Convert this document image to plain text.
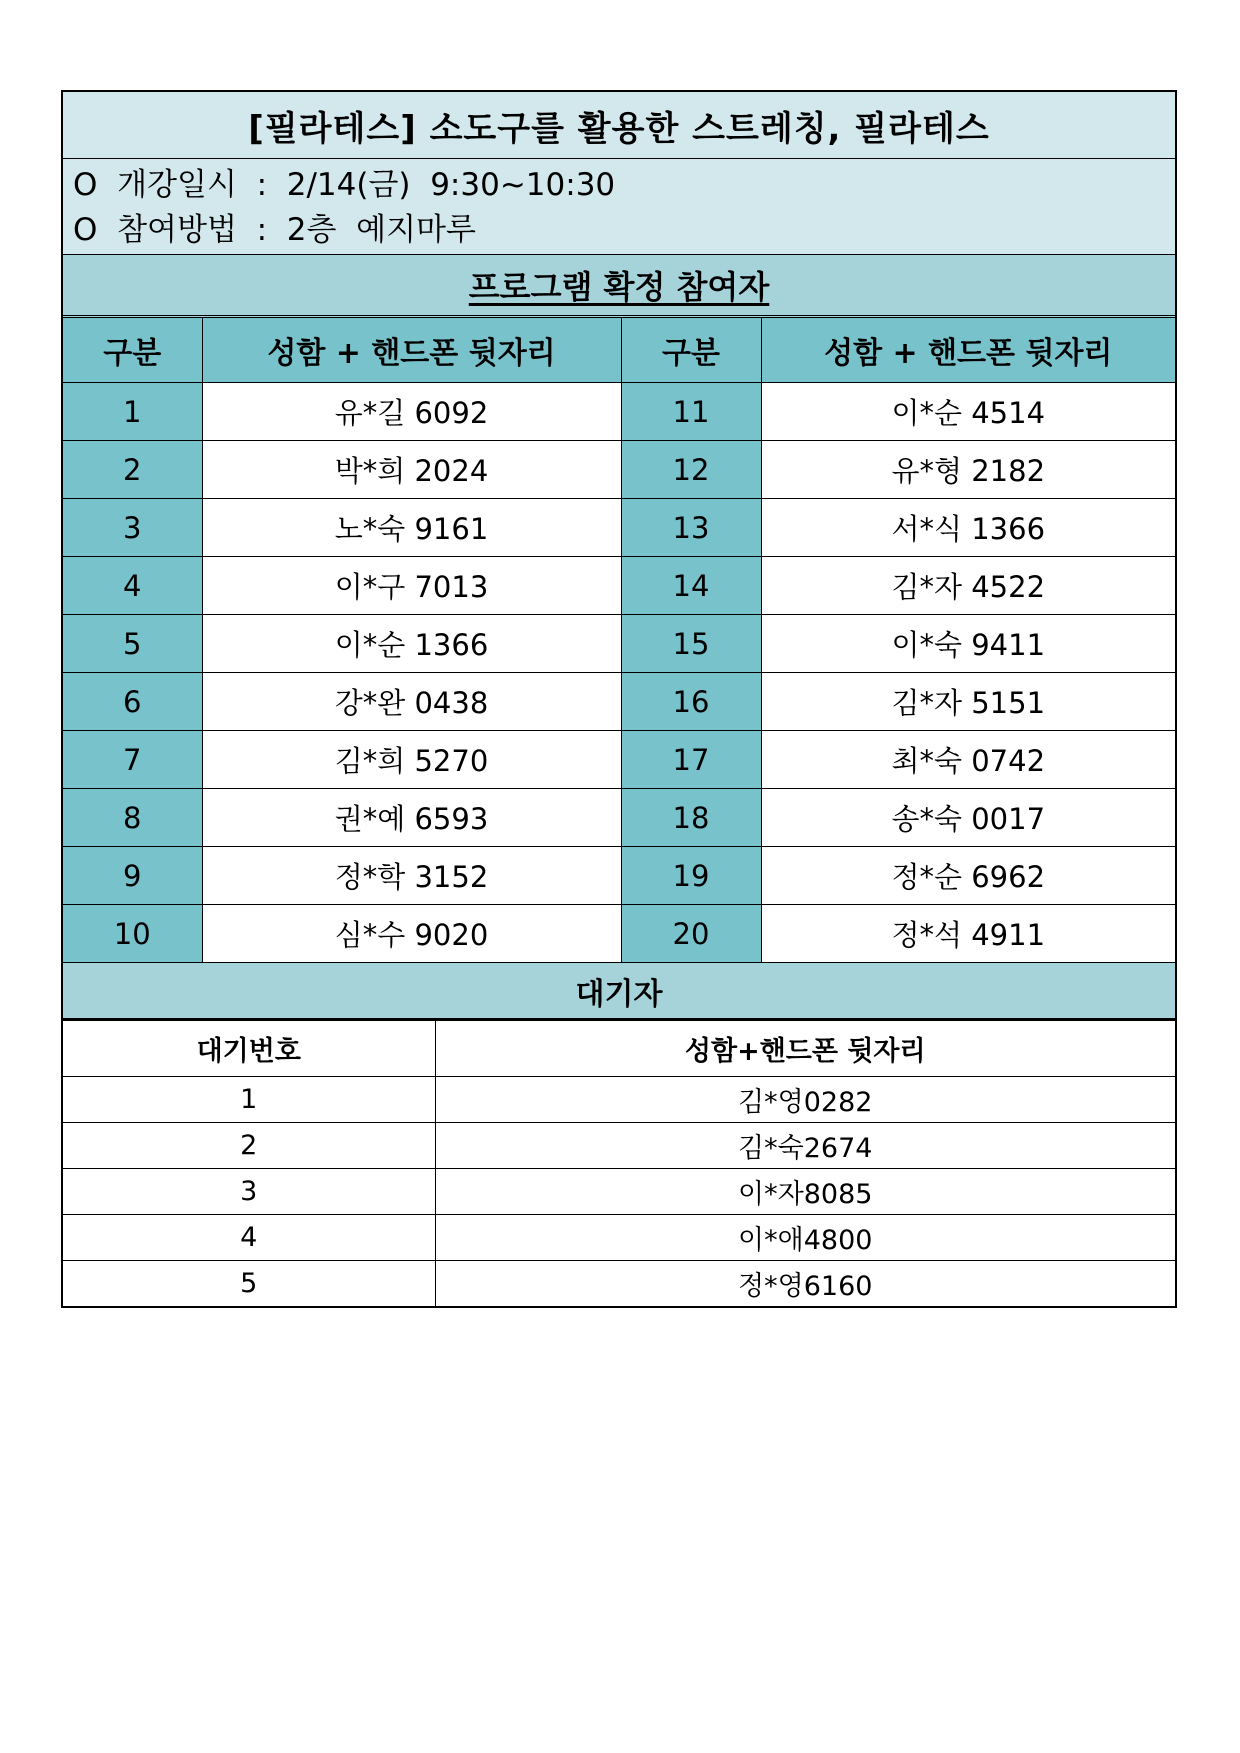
[필라테스] 소도구를 활용한 스트레칭, 필라테스
O  개강일시  :  2/14(금)  9:30~10:30
O  참여방법  :  2층  예지마루
프로그램 확정 참여자
구분	성함 + 핸드폰 뒷자리	구분	성함 + 핸드폰 뒷자리
1	유*길 6092	11	이*순 4514
2	박*희 2024	12	유*형 2182
3	노*숙 9161	13	서*식 1366
4	이*구 7013	14	김*자 4522
5	이*순 1366	15	이*숙 9411
6	강*완 0438	16	김*자 5151
7	김*희 5270	17	최*숙 0742
8	권*예 6593	18	송*숙 0017
9	정*학 3152	19	정*순 6962
10	심*수 9020	20	정*석 4911
대기자
대기번호	성함+핸드폰 뒷자리
1	김*영0282
2	김*숙2674
3	이*자8085
4	이*애4800
5	정*영6160
